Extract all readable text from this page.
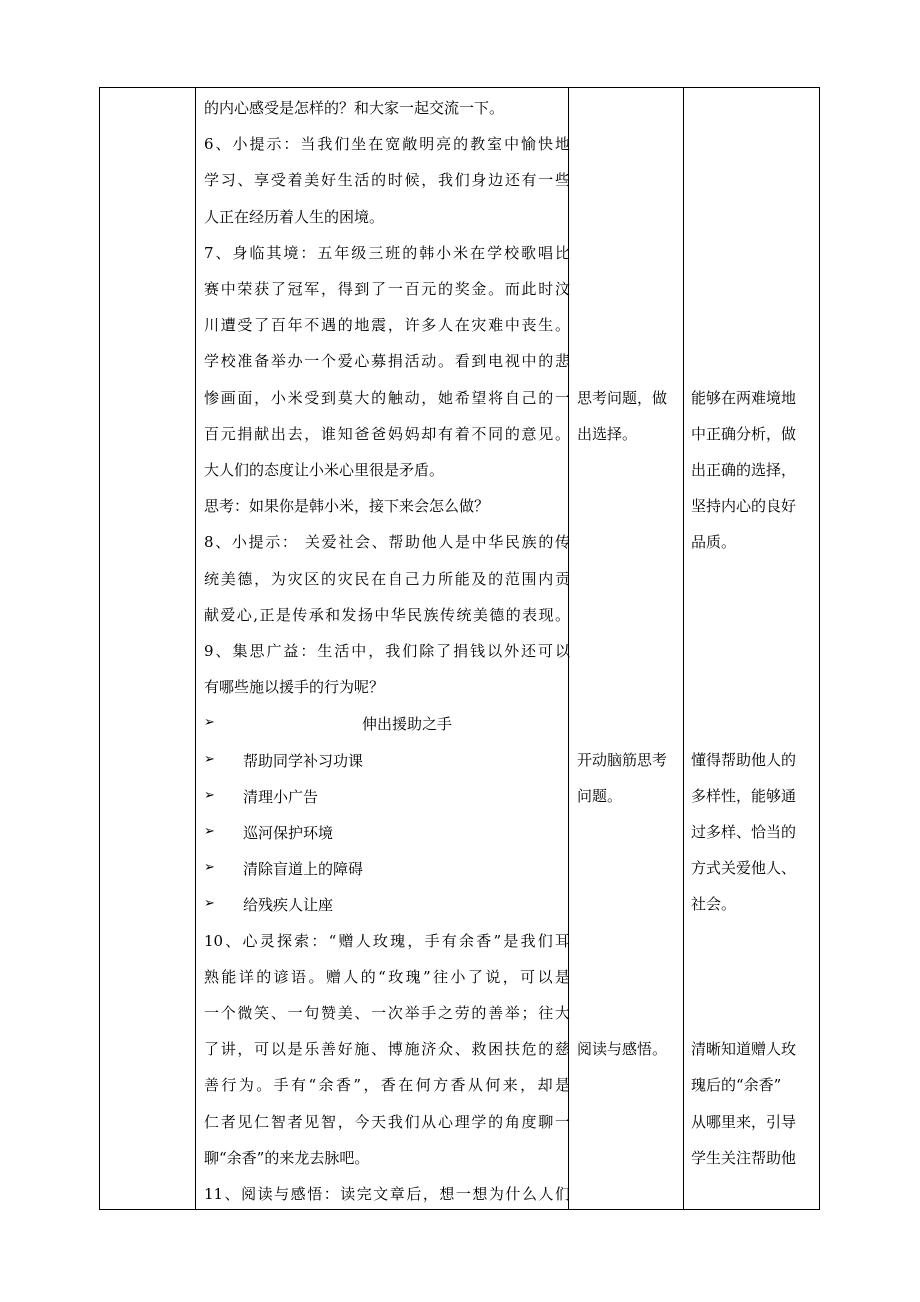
的内心感受是怎样的？和大家一起交流一下。
6、小提示：当我们坐在宽敞明亮的教室中愉快地
学习、享受着美好生活的时候，我们身边还有一些
人正在经历着人生的困境。
7、身临其境：五年级三班的韩小米在学校歌唱比
赛中荣获了冠军，得到了一百元的奖金。而此时汶
川遭受了百年不遇的地震，许多人在灾难中丧生。
学校准备举办一个爱心募捐活动。看到电视中的悲
惨画面，小米受到莫大的触动，她希望将自己的一
百元捐献出去，谁知爸爸妈妈却有着不同的意见。
大人们的态度让小米心里很是矛盾。
思考：如果你是韩小米，接下来会怎么做？
8、小提示： 关爱社会、帮助他人是中华民族的传
统美德，为灾区的灾民在自己力所能及的范围内贡
献爱心,正是传承和发扬中华民族传统美德的表现。
9、集思广益：生活中，我们除了捐钱以外还可以
有哪些施以援手的行为呢？
➢	伸出援助之手
➢ 帮助同学补习功课
➢ 清理小广告
➢ 巡河保护环境
➢ 清除盲道上的障碍
➢ 给残疾人让座
10、心灵探索：“赠人玫瑰，手有余香”是我们耳
熟能详的谚语。赠人的“玫瑰”往小了说，可以是
一个微笑、一句赞美、一次举手之劳的善举；往大
了讲，可以是乐善好施、博施济众、救困扶危的慈
善行为。手有“余香”，香在何方香从何来，却是
仁者见仁智者见智，今天我们从心理学的角度聊一
聊“余香”的来龙去脉吧。
11、阅读与感悟：读完文章后，想一想为什么人们
思考问题，做
出选择。
开动脑筋思考
问题。
阅读与感悟。
能够在两难境地
中正确分析，做
出正确的选择，
坚持内心的良好
品质。
懂得帮助他人的
多样性，能够通
过多样、恰当的
方式关爱他人、
社会。
清晰知道赠人玫
瑰后的“余香”
从哪里来，引导
学生关注帮助他
